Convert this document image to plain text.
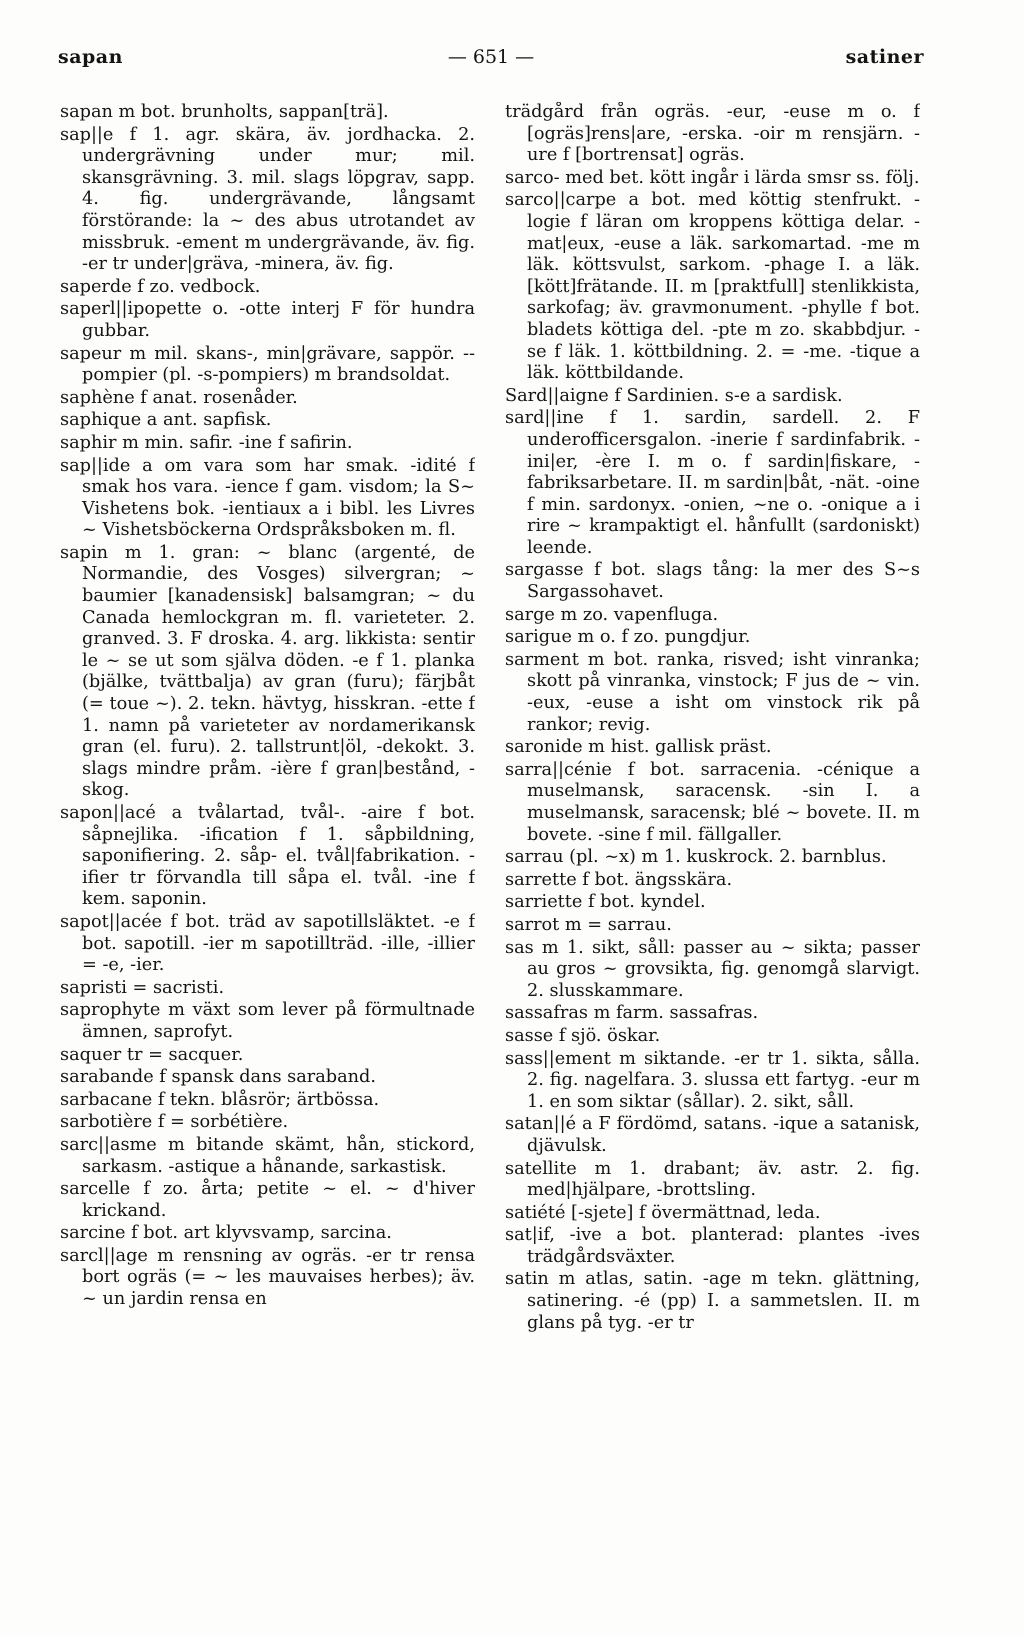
sapan	— 651 —	satiner
sapan m bot. brunholts, sappan[trä].
sap||e f 1. agr. skära, äv. jordhacka. 2. undergrävning under mur; mil. skansgrävning. 3. mil. slags löpgrav, sapp. 4. fig. undergrävande, långsamt förstörande: la ~ des abus utrotandet av missbruk. -ement m undergrävande, äv. fig. -er tr under|gräva, -minera, äv. fig.
saperde f zo. vedbock.
saperl||ipopette o. -otte interj F för hundra gubbar.
sapeur m mil. skans-, min|grävare, sappör. --pompier (pl. -s-pompiers) m brandsoldat.
saphène f anat. rosenåder.
saphique a ant. sapfisk.
saphir m min. safir. -ine f safirin.
sap||ide a om vara som har smak. -idité f smak hos vara. -ience f gam. visdom; la S~ Vishetens bok. -ientiaux a i bibl. les Livres ~ Vishetsböckerna Ordspråksboken m. fl.
sapin m 1. gran: ~ blanc (argenté, de Normandie, des Vosges) silvergran; ~ baumier [kanadensisk] balsamgran; ~ du Canada hemlockgran m. fl. varieteter. 2. granved. 3. F droska. 4. arg. likkista: sentir le ~ se ut som själva döden. -e f 1. planka (bjälke, tvättbalja) av gran (furu); färjbåt (= toue ~). 2. tekn. hävtyg, hisskran. -ette f 1. namn på varieteter av nordamerikansk gran (el. furu). 2. tallstrunt|öl, -dekokt. 3. slags mindre pråm. -ière f gran|bestånd, -skog.
sapon||acé a tvålartad, tvål-. -aire f bot. såpnejlika. -ification f 1. såpbildning, saponifiering. 2. såp- el. tvål|fabrikation. -ifier tr förvandla till såpa el. tvål. -ine f kem. saponin.
sapot||acée f bot. träd av sapotillsläktet. -e f bot. sapotill. -ier m sapotillträd. -ille, -illier = -e, -ier.
sapristi = sacristi.
saprophyte m växt som lever på förmultnade ämnen, saprofyt.
saquer tr = sacquer.
sarabande f spansk dans saraband.
sarbacane f tekn. blåsrör; ärtbössa.
sarbotière f = sorbétière.
sarc||asme m bitande skämt, hån, stickord, sarkasm. -astique a hånande, sarkastisk.
sarcelle f zo. årta; petite ~ el. ~ d'hiver krickand.
sarcine f bot. art klyvsvamp, sarcina.
sarcl||age m rensning av ogräs. -er tr rensa bort ogräs (= ~ les mauvaises herbes); äv. ~ un jardin rensa en
trädgård från ogräs. -eur, -euse m o. f [ogräs]rens|are, -erska. -oir m rensjärn. -ure f [bortrensat] ogräs.
sarco- med bet. kött ingår i lärda smsr ss. följ.
sarco||carpe a bot. med köttig stenfrukt. -logie f läran om kroppens köttiga delar. -mat|eux, -euse a läk. sarkomartad. -me m läk. köttsvulst, sarkom. -phage I. a läk. [kött]frätande. II. m [praktfull] stenlikkista, sarkofag; äv. gravmonument. -phylle f bot. bladets köttiga del. -pte m zo. skabbdjur. -se f läk. 1. köttbildning. 2. = -me. -tique a läk. köttbildande.
Sard||aigne f Sardinien. s-e a sardisk.
sard||ine f 1. sardin, sardell. 2. F underofficersgalon. -inerie f sardinfabrik. -ini|er, -ère I. m o. f sardin|fiskare, -fabriksarbetare. II. m sardin|båt, -nät. -oine f min. sardonyx. -onien, ~ne o. -onique a i rire ~ krampaktigt el. hånfullt (sardoniskt) leende.
sargasse f bot. slags tång: la mer des S~s Sargassohavet.
sarge m zo. vapenfluga.
sarigue m o. f zo. pungdjur.
sarment m bot. ranka, risved; isht vinranka; skott på vinranka, vinstock; F jus de ~ vin. -eux, -euse a isht om vinstock rik på rankor; revig.
saronide m hist. gallisk präst.
sarra||cénie f bot. sarracenia. -cénique a muselmansk, saracensk. -sin I. a muselmansk, saracensk; blé ~ bovete. II. m bovete. -sine f mil. fällgaller.
sarrau (pl. ~x) m 1. kuskrock. 2. barnblus.
sarrette f bot. ängsskära.
sarriette f bot. kyndel.
sarrot m = sarrau.
sas m 1. sikt, såll: passer au ~ sikta; passer au gros ~ grovsikta, fig. genomgå slarvigt. 2. slusskammare.
sassafras m farm. sassafras.
sasse f sjö. öskar.
sass||ement m siktande. -er tr 1. sikta, sålla. 2. fig. nagelfara. 3. slussa ett fartyg. -eur m 1. en som siktar (sållar). 2. sikt, såll.
satan||é a F fördömd, satans. -ique a satanisk, djävulsk.
satellite m 1. drabant; äv. astr. 2. fig. med|hjälpare, -brottsling.
satiété [-sjete] f övermättnad, leda.
sat|if, -ive a bot. planterad: plantes -ives trädgårdsväxter.
satin m atlas, satin. -age m tekn. glättning, satinering. -é (pp) I. a sammetslen. II. m glans på tyg. -er tr
